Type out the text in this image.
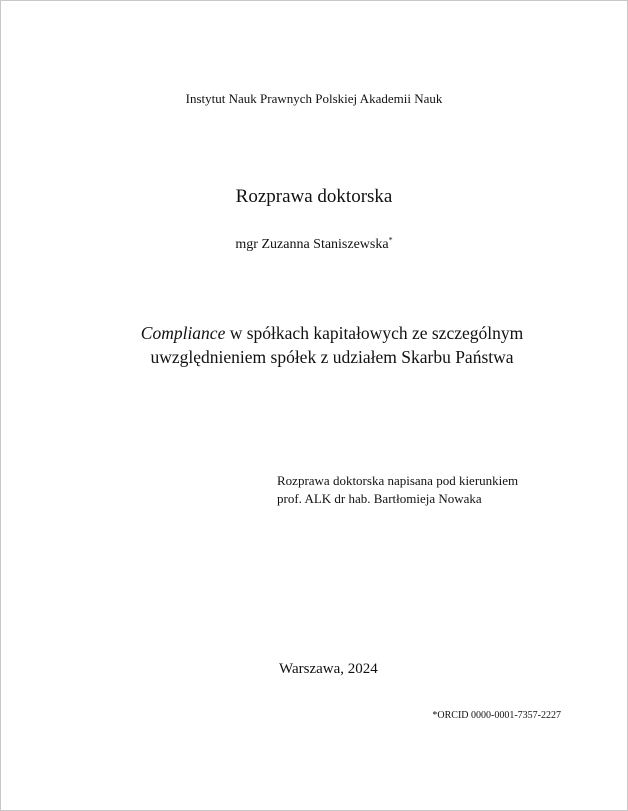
Instytut Nauk Prawnych Polskiej Akademii Nauk
Rozprawa doktorska
mgr Zuzanna Staniszewska*
Compliance w spółkach kapitałowych ze szczególnym
uwzględnieniem spółek z udziałem Skarbu Państwa
Rozprawa doktorska napisana pod kierunkiem
prof. ALK dr hab. Bartłomieja Nowaka
Warszawa, 2024
*ORCID 0000-0001-7357-2227
